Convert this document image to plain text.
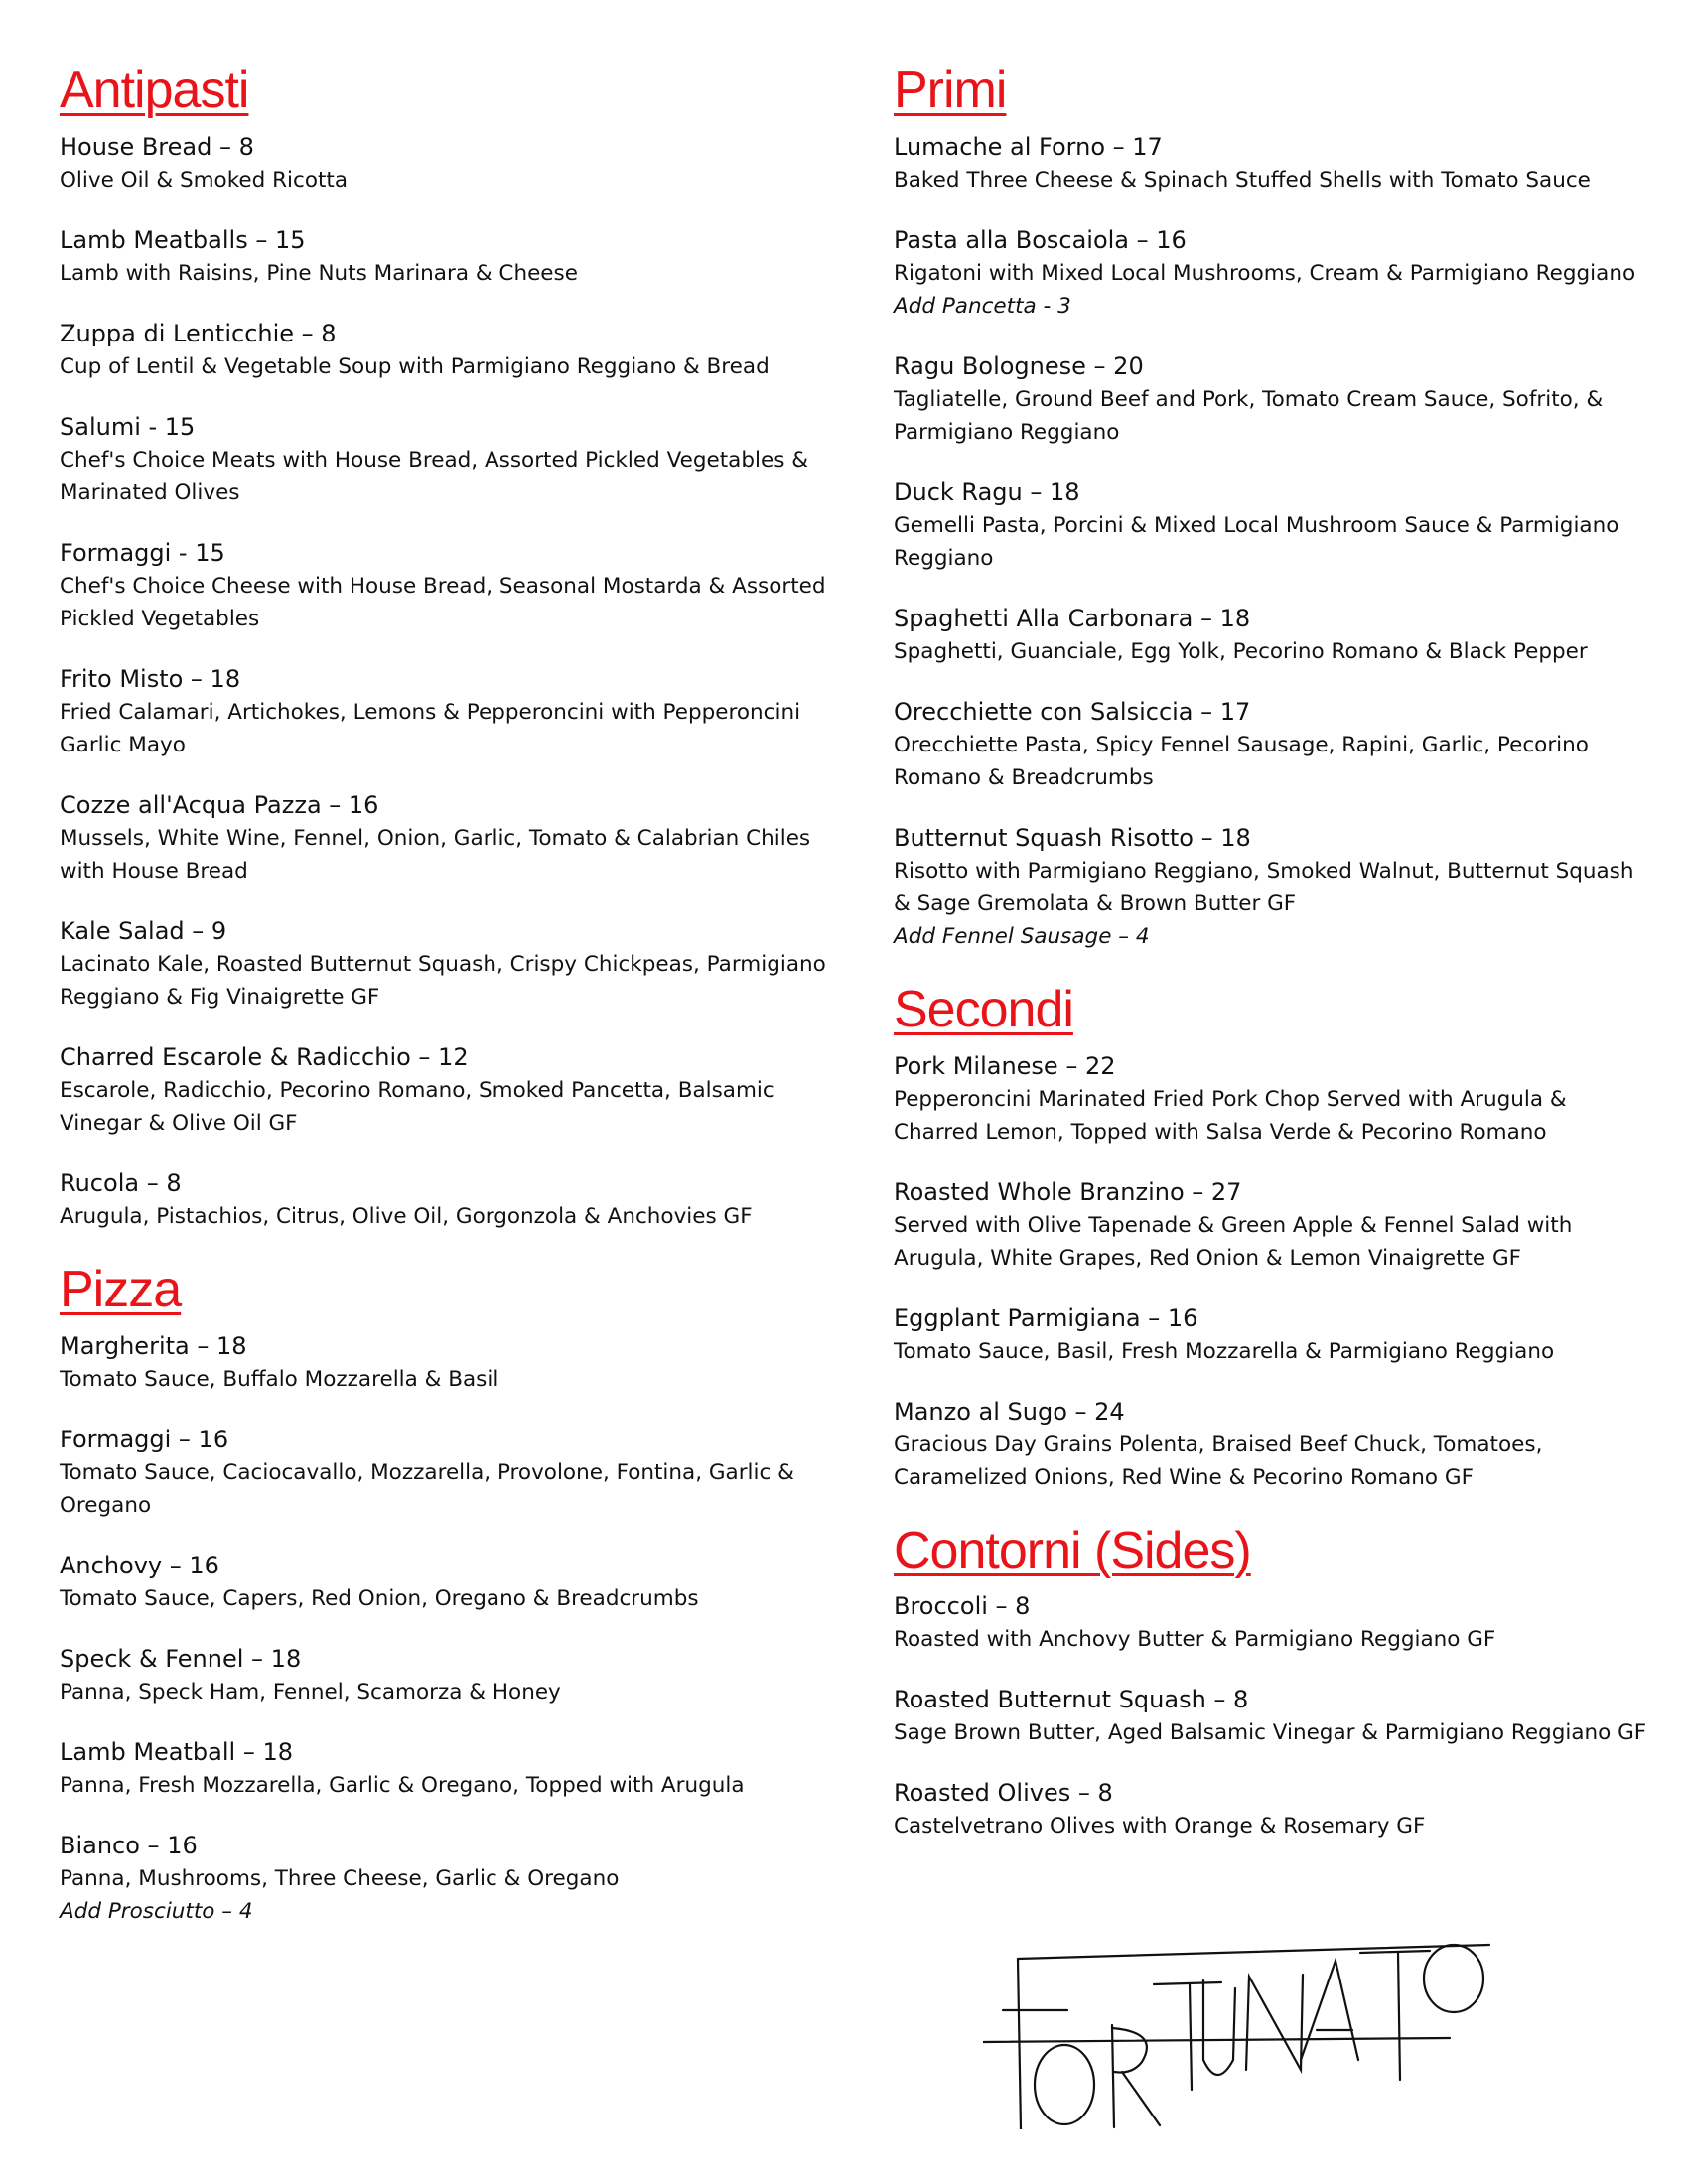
Antipasti
House Bread – 8
Olive Oil & Smoked Ricotta
Lamb Meatballs – 15
Lamb with Raisins, Pine Nuts Marinara & Cheese
Zuppa di Lenticchie – 8
Cup of Lentil & Vegetable Soup with Parmigiano Reggiano & Bread
Salumi - 15
Chef's Choice Meats with House Bread, Assorted Pickled Vegetables & Marinated Olives
Formaggi - 15
Chef's Choice Cheese with House Bread, Seasonal Mostarda & Assorted Pickled Vegetables
Frito Misto – 18
Fried Calamari, Artichokes, Lemons & Pepperoncini with Pepperoncini Garlic Mayo
Cozze all'Acqua Pazza – 16
Mussels, White Wine, Fennel, Onion, Garlic, Tomato & Calabrian Chiles with House Bread
Kale Salad – 9
Lacinato Kale, Roasted Butternut Squash, Crispy Chickpeas, Parmigiano Reggiano & Fig Vinaigrette GF
Charred Escarole & Radicchio – 12
Escarole, Radicchio, Pecorino Romano, Smoked Pancetta, Balsamic Vinegar & Olive Oil GF
Rucola – 8
Arugula, Pistachios, Citrus, Olive Oil, Gorgonzola & Anchovies GF
Pizza
Margherita – 18
Tomato Sauce, Buffalo Mozzarella & Basil
Formaggi – 16
Tomato Sauce, Caciocavallo, Mozzarella, Provolone, Fontina, Garlic & Oregano
Anchovy – 16
Tomato Sauce, Capers, Red Onion, Oregano & Breadcrumbs
Speck & Fennel – 18
Panna, Speck Ham, Fennel, Scamorza & Honey
Lamb Meatball – 18
Panna, Fresh Mozzarella, Garlic & Oregano, Topped with Arugula
Bianco – 16
Panna, Mushrooms, Three Cheese, Garlic & Oregano
Add Prosciutto – 4
Primi
Lumache al Forno – 17
Baked Three Cheese & Spinach Stuffed Shells with Tomato Sauce
Pasta alla Boscaiola – 16
Rigatoni with Mixed Local Mushrooms, Cream & Parmigiano Reggiano Add Pancetta - 3
Ragu Bolognese – 20
Tagliatelle, Ground Beef and Pork, Tomato Cream Sauce, Sofrito, & Parmigiano Reggiano
Duck Ragu – 18
Gemelli Pasta, Porcini & Mixed Local Mushroom Sauce & Parmigiano Reggiano
Spaghetti Alla Carbonara – 18
Spaghetti, Guanciale, Egg Yolk, Pecorino Romano & Black Pepper
Orecchiette con Salsiccia – 17
Orecchiette Pasta, Spicy Fennel Sausage, Rapini, Garlic, Pecorino Romano & Breadcrumbs
Butternut Squash Risotto – 18
Risotto with Parmigiano Reggiano, Smoked Walnut, Butternut Squash & Sage Gremolata & Brown Butter GF
Add Fennel Sausage – 4
Secondi
Pork Milanese – 22
Pepperoncini Marinated Fried Pork Chop Served with Arugula & Charred Lemon, Topped with Salsa Verde & Pecorino Romano
Roasted Whole Branzino – 27
Served with Olive Tapenade & Green Apple & Fennel Salad with Arugula, White Grapes, Red Onion & Lemon Vinaigrette GF
Eggplant Parmigiana – 16
Tomato Sauce, Basil, Fresh Mozzarella & Parmigiano Reggiano
Manzo al Sugo – 24
Gracious Day Grains Polenta, Braised Beef Chuck, Tomatoes, Caramelized Onions, Red Wine & Pecorino Romano GF
Contorni (Sides)
Broccoli – 8
Roasted with Anchovy Butter & Parmigiano Reggiano GF
Roasted Butternut Squash – 8
Sage Brown Butter, Aged Balsamic Vinegar & Parmigiano Reggiano GF
Roasted Olives – 8
Castelvetrano Olives with Orange & Rosemary GF
